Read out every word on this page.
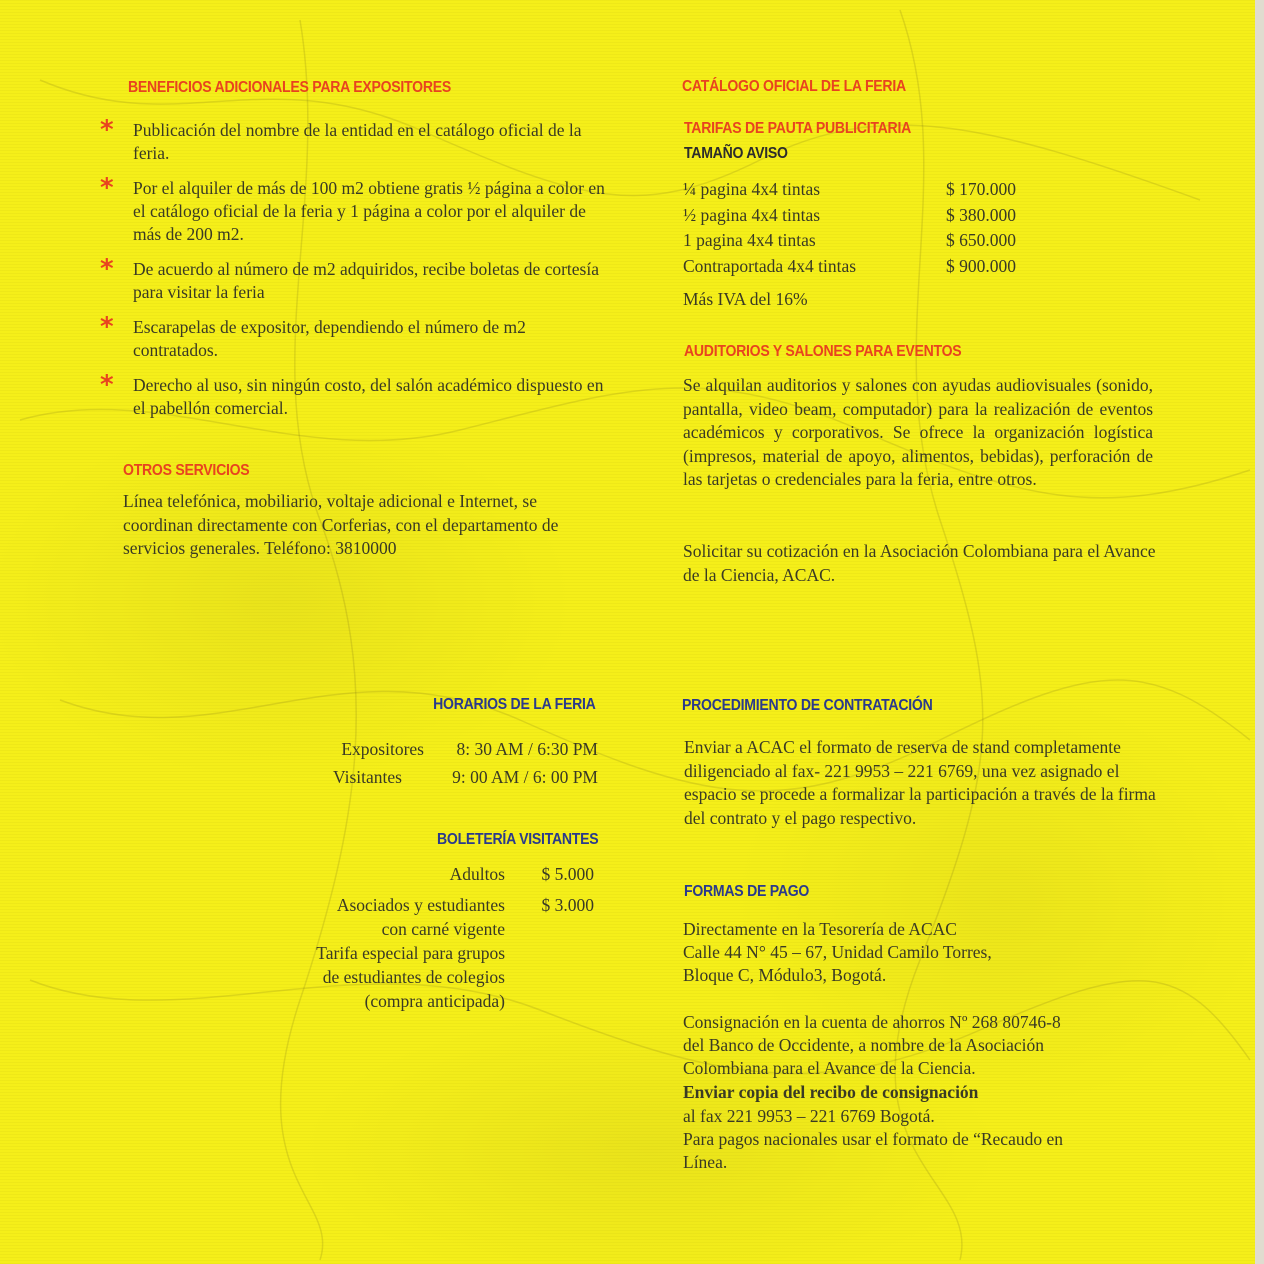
BENEFICIOS ADICIONALES PARA EXPOSITORES
* Publicación del nombre de la entidad en el catálogo oficial de la feria.
* Por el alquiler de más de 100 m2 obtiene gratis ½ página a color en el catálogo oficial de la feria y 1 página a color por el alquiler de más de 200 m2.
* De acuerdo al número de m2 adquiridos, recibe boletas de cortesía para visitar la feria
* Escarapelas de expositor, dependiendo el número de m2 contratados.
* Derecho al uso, sin ningún costo, del salón académico dispuesto en el pabellón comercial.
OTROS SERVICIOS

Línea telefónica, mobiliario, voltaje adicional e Internet, se coordinan directamente con Corferias, con el departamento de servicios generales. Teléfono: 3810000

HORARIOS DE LA FERIA

Expositores 8: 30 AM / 6:30 PM

Visitantes	9: 00 AM / 6: 00 PM

BOLETERÍA VISITANTES

Adultos $ 5.000

Asociados y estudiantes $ 3.000

con carné vigente

Tarifa especial para grupos

de estudiantes de colegios

(compra anticipada)

CATÁLOGO OFICIAL DE LA FERIA
TARIFAS DE PAUTA PUBLICITARIA
TAMAÑO AVISO

¼ pagina 4x4 tintas	$ 170.000

½ pagina 4x4 tintas	$ 380.000

1 pagina 4x4 tintas	$ 650.000

Contraportada 4x4 tintas	$ 900.000

Más IVA del 16%

AUDITORIOS Y SALONES PARA EVENTOS

Se alquilan auditorios y salones con ayudas audiovisuales (sonido, pantalla, video beam, computador) para la realización de eventos académicos y corporativos. Se ofrece la organización logística (impresos, material de apoyo, alimentos, bebidas), perforación de las tarjetas o credenciales para la feria, entre otros.

Solicitar su cotización en la Asociación Colombiana para el Avance de la Ciencia, ACAC.

PROCEDIMIENTO DE CONTRATACIÓN

Enviar a ACAC el formato de reserva de stand completamente diligenciado al fax- 221 9953 – 221 6769, una vez asignado el espacio se procede a formalizar la participación a través de la firma del contrato y el pago respectivo.

FORMAS DE PAGO

Directamente en la Tesorería de ACAC

Calle 44 N° 45 – 67, Unidad Camilo Torres,

Bloque C, Módulo3, Bogotá.

Consignación en la cuenta de ahorros Nº 268 80746-8

del Banco de Occidente, a nombre de la Asociación

Colombiana para el Avance de la Ciencia.

Enviar copia del recibo de consignación

al fax 221 9953 – 221 6769 Bogotá.

Para pagos nacionales usar el formato de “Recaudo en

Línea.
